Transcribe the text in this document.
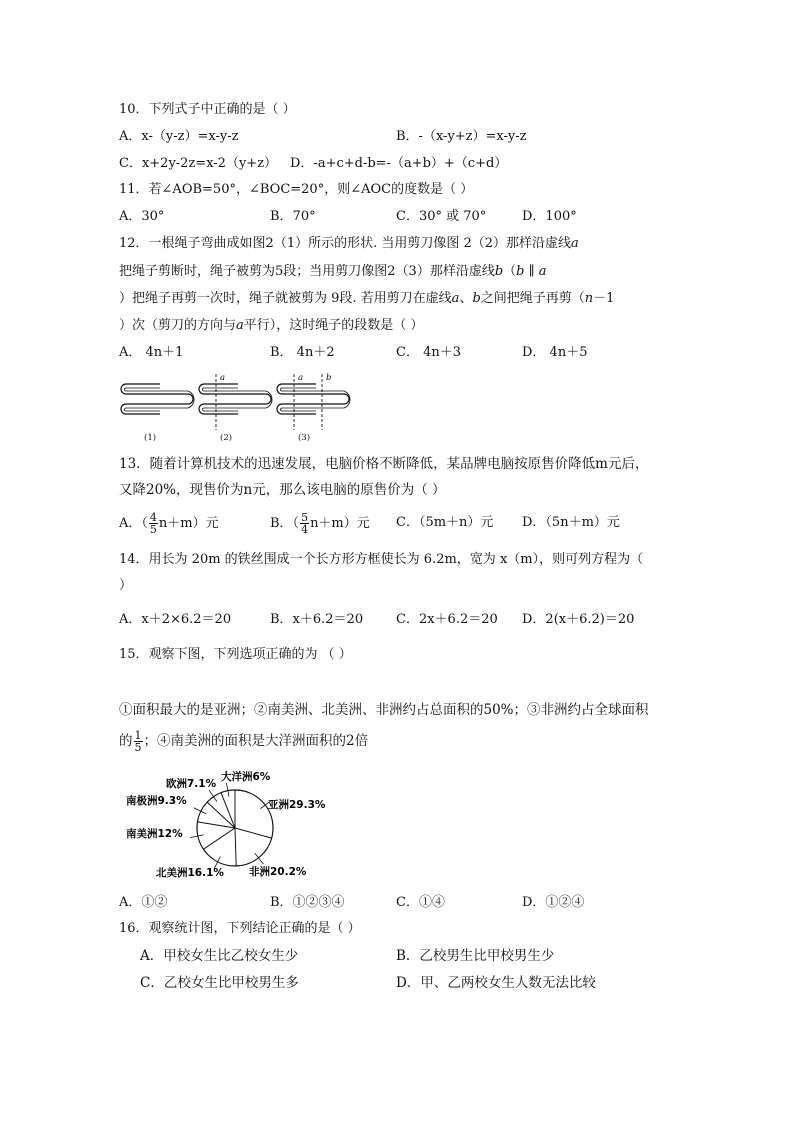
10．下列式子中正确的是（ ）
A．x-（y-z）=x-y-z	B．-（x-y+z）=x-y-z
C．x+2y-2z=x-2（y+z） D．-a+c+d-b=-（a+b）+（c+d）
11．若∠AOB=50°，∠BOC=20°，则∠AOC的度数是（ ）
A．30°	B．70°	C．30° 或 70°	D．100°
12．一根绳子弯曲成如图2（1）所示的形状. 当用剪刀像图 2（2）那样沿虚线a
把绳子剪断时，绳子被剪为5段；当用剪刀像图2（3）那样沿虚线b（b ∥ a
）把绳子再剪一次时，绳子就被剪为 9段. 若用剪刀在虚线a、b之间把绳子再剪（n－1
）次（剪刀的方向与a平行），这时绳子的段数是（ ）
A． 4n＋1	B． 4n＋2	C． 4n＋3	D． 4n＋5
a	a	b
(1)	(2)	(3)
13．随着计算机技术的迅速发展，电脑价格不断降低，某品牌电脑按原售价降低m元后，
又降20%，现售价为n元，那么该电脑的原售价为（ ）
A．（ $\frac{4}{5} n+m$）元	B．（ $\frac{5}{4} n+m$）元 C．（5m＋n）元 D．（5n＋m）元
14．用长为 20m 的铁丝围成一个长方形方框使长为 6.2m，宽为 x（m），则可列方程为（
）
A．x＋2×6.2＝20	B．x＋6.2＝20	C．2x＋6.2＝20 D．2(x＋6.2)＝20
15．观察下图，下列选项正确的为 （ ）
①面积最大的是亚洲；②南美洲、北美洲、非洲约占总面积的50%；③非洲约占全球面积
的 $\frac{1}{5}$ ；④南美洲的面积是大洋洲面积的2倍
亚洲29.3%
非洲20.2%
北美洲16.1%
南美洲12%
南极洲9.3%
欧洲7.1%
大洋洲6%
A．①②	B．①②③④	C．①④	D．①②④
16．观察统计图，下列结论正确的是（ ）
A．甲校女生比乙校女生少	B．乙校男生比甲校男生少
C．乙校女生比甲校男生多	D．甲、乙两校女生人数无法比较
